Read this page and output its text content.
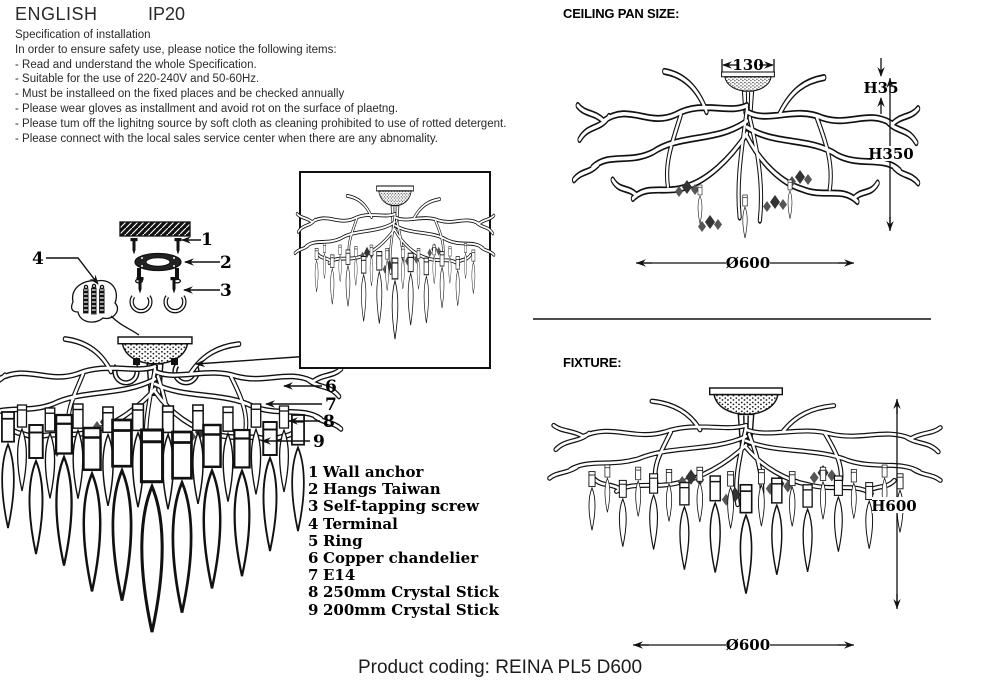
ENGLISH	IP20
Specification of installation
In order to ensure safety use, please notice the following items:
- Read and understand the whole Specification.
- Suitable for the use of 220-240V and 50-60Hz.
- Must be installeed on the fixed places and be checked annually
- Please wear gloves as installment and avoid rot on the surface of plaetng.
- Please tum off the lighitng source by soft cloth as cleaning prohibited to use of rotted detergent.
- Please connect with the local sales service center when there are any abnomality.
CEILING PAN SIZE:
FIXTURE:
1 Wall anchor
2 Hangs Taiwan
3 Self-tapping screw
4 Terminal
5 Ring
6 Copper chandelier
7 E14
8 250mm Crystal Stick
9 200mm Crystal Stick
Product coding: REINA PL5 D600
1
2
3
4
6
7
8
9
130
H35
H350
Ø600
H600
Ø600
